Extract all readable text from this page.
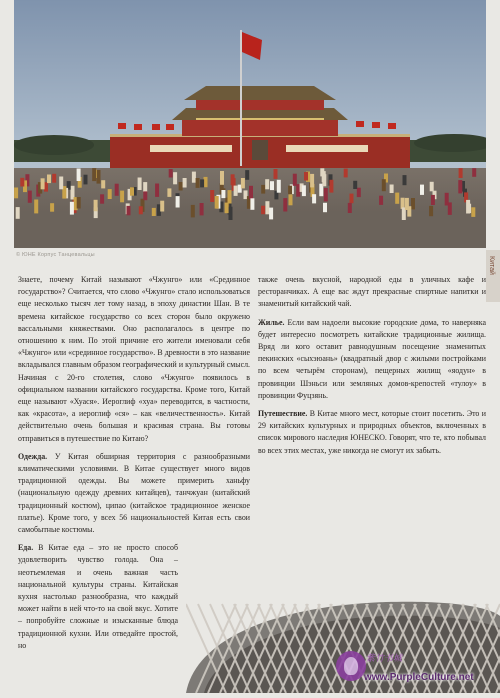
© ЮНЕ Корпус Танцевальцы
Китай

Знаете, почему Китай называют «Чжунго» или «Срединное государство»? Считается, что слово «Чжунго» стало использоваться еще несколько тысяч лет тому назад, в эпоху династии Шан. В те времена китайское государство со всех сторон было окружено вассальными княжествами. Оно располагалось в центре по отношению к ним. По этой причине его жители именовали себя «Чжунго» или «срединное государство». В древности в это название вкладывался главным образом географический и культурный смысл. Начиная с 20-го столетия, слово «Чжунго» появилось в официальном названии китайского государства. Кроме того, Китай еще называют «Хуася». Иероглиф «хуа» переводится, в частности, как «красота», а иероглиф «ся» – как «величественность». Китай действительно очень большая и красивая страна. Вы готовы отправиться в путешествие по Китаю?

Одежда. У Китая обширная территория с разнообразными климатическими условиями. В Китае существует много видов традиционной одежды. Вы можете примерить ханьфу (национальную одежду древних китайцев), танчжуан (китайский традиционный костюм), ципао (китайское традиционное женское платье). Кроме того, у всех 56 национальностей Китая есть свои самобытные костюмы.

Еда. В Китае еда – это не просто способ удовлетворить чувство голода. Она – неотъемлемая и очень важная часть национальной культуры страны. Китайская кухня настолько разнообразна, что каждый может найти в ней что-то на свой вкус. Хотите – попробуйте сложные и изысканные блюда традиционной кухни. Или отведайте простой, но

также очень вкусной, народной еды в уличных кафе и ресторанчиках. А еще вас ждут прекрасные спиртные напитки и знаменитый китайский чай.

Жилье. Если вам надоели высокие городские дома, то наверняка будет интересно посмотреть китайские традиционные жилища. Вряд ли кого оставит равнодушным посещение знаменитых пекинских «сыхэюань» (квадратный двор с жилыми постройками по всем четырём сторонам), пещерных жилищ «яодун» в провинции Шэньси или земляных домов-крепостей «тулоу» в провинции Фуцзянь.

Путешествие. В Китае много мест, которые стоит посетить. Это и 29 китайских культурных и природных объектов, включенных в список мирового наследия ЮНЕСКО. Говорят, что те, кто побывал во всех этих местах, уже никогда не смогут их забыть.

紫竹书城
www.PurpleCulture.net
